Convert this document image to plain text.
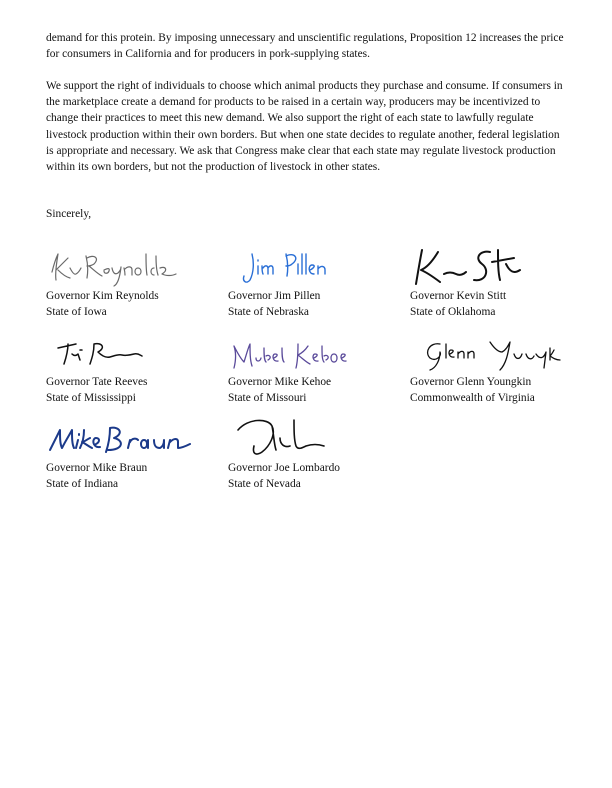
demand for this protein. By imposing unnecessary and unscientific regulations, Proposition 12 increases the price for consumers in California and for producers in pork-supplying states.

We support the right of individuals to choose which animal products they purchase and consume. If consumers in the marketplace create a demand for products to be raised in a certain way, producers may be incentivized to change their practices to meet this new demand. We also support the right of each state to lawfully regulate livestock production within their own borders. But when one state decides to regulate another, federal legislation is appropriate and necessary. We ask that Congress make clear that each state may regulate livestock production within its own borders, but not the production of livestock in other states.

Sincerely,

Governor Kim Reynolds
State of Iowa
Governor Jim Pillen
State of Nebraska
Governor Kevin Stitt
State of Oklahoma
Governor Tate Reeves
State of Mississippi
Governor Mike Kehoe
State of Missouri
Governor Glenn Youngkin
Commonwealth of Virginia
Governor Mike Braun
State of Indiana
Governor Joe Lombardo
State of Nevada
